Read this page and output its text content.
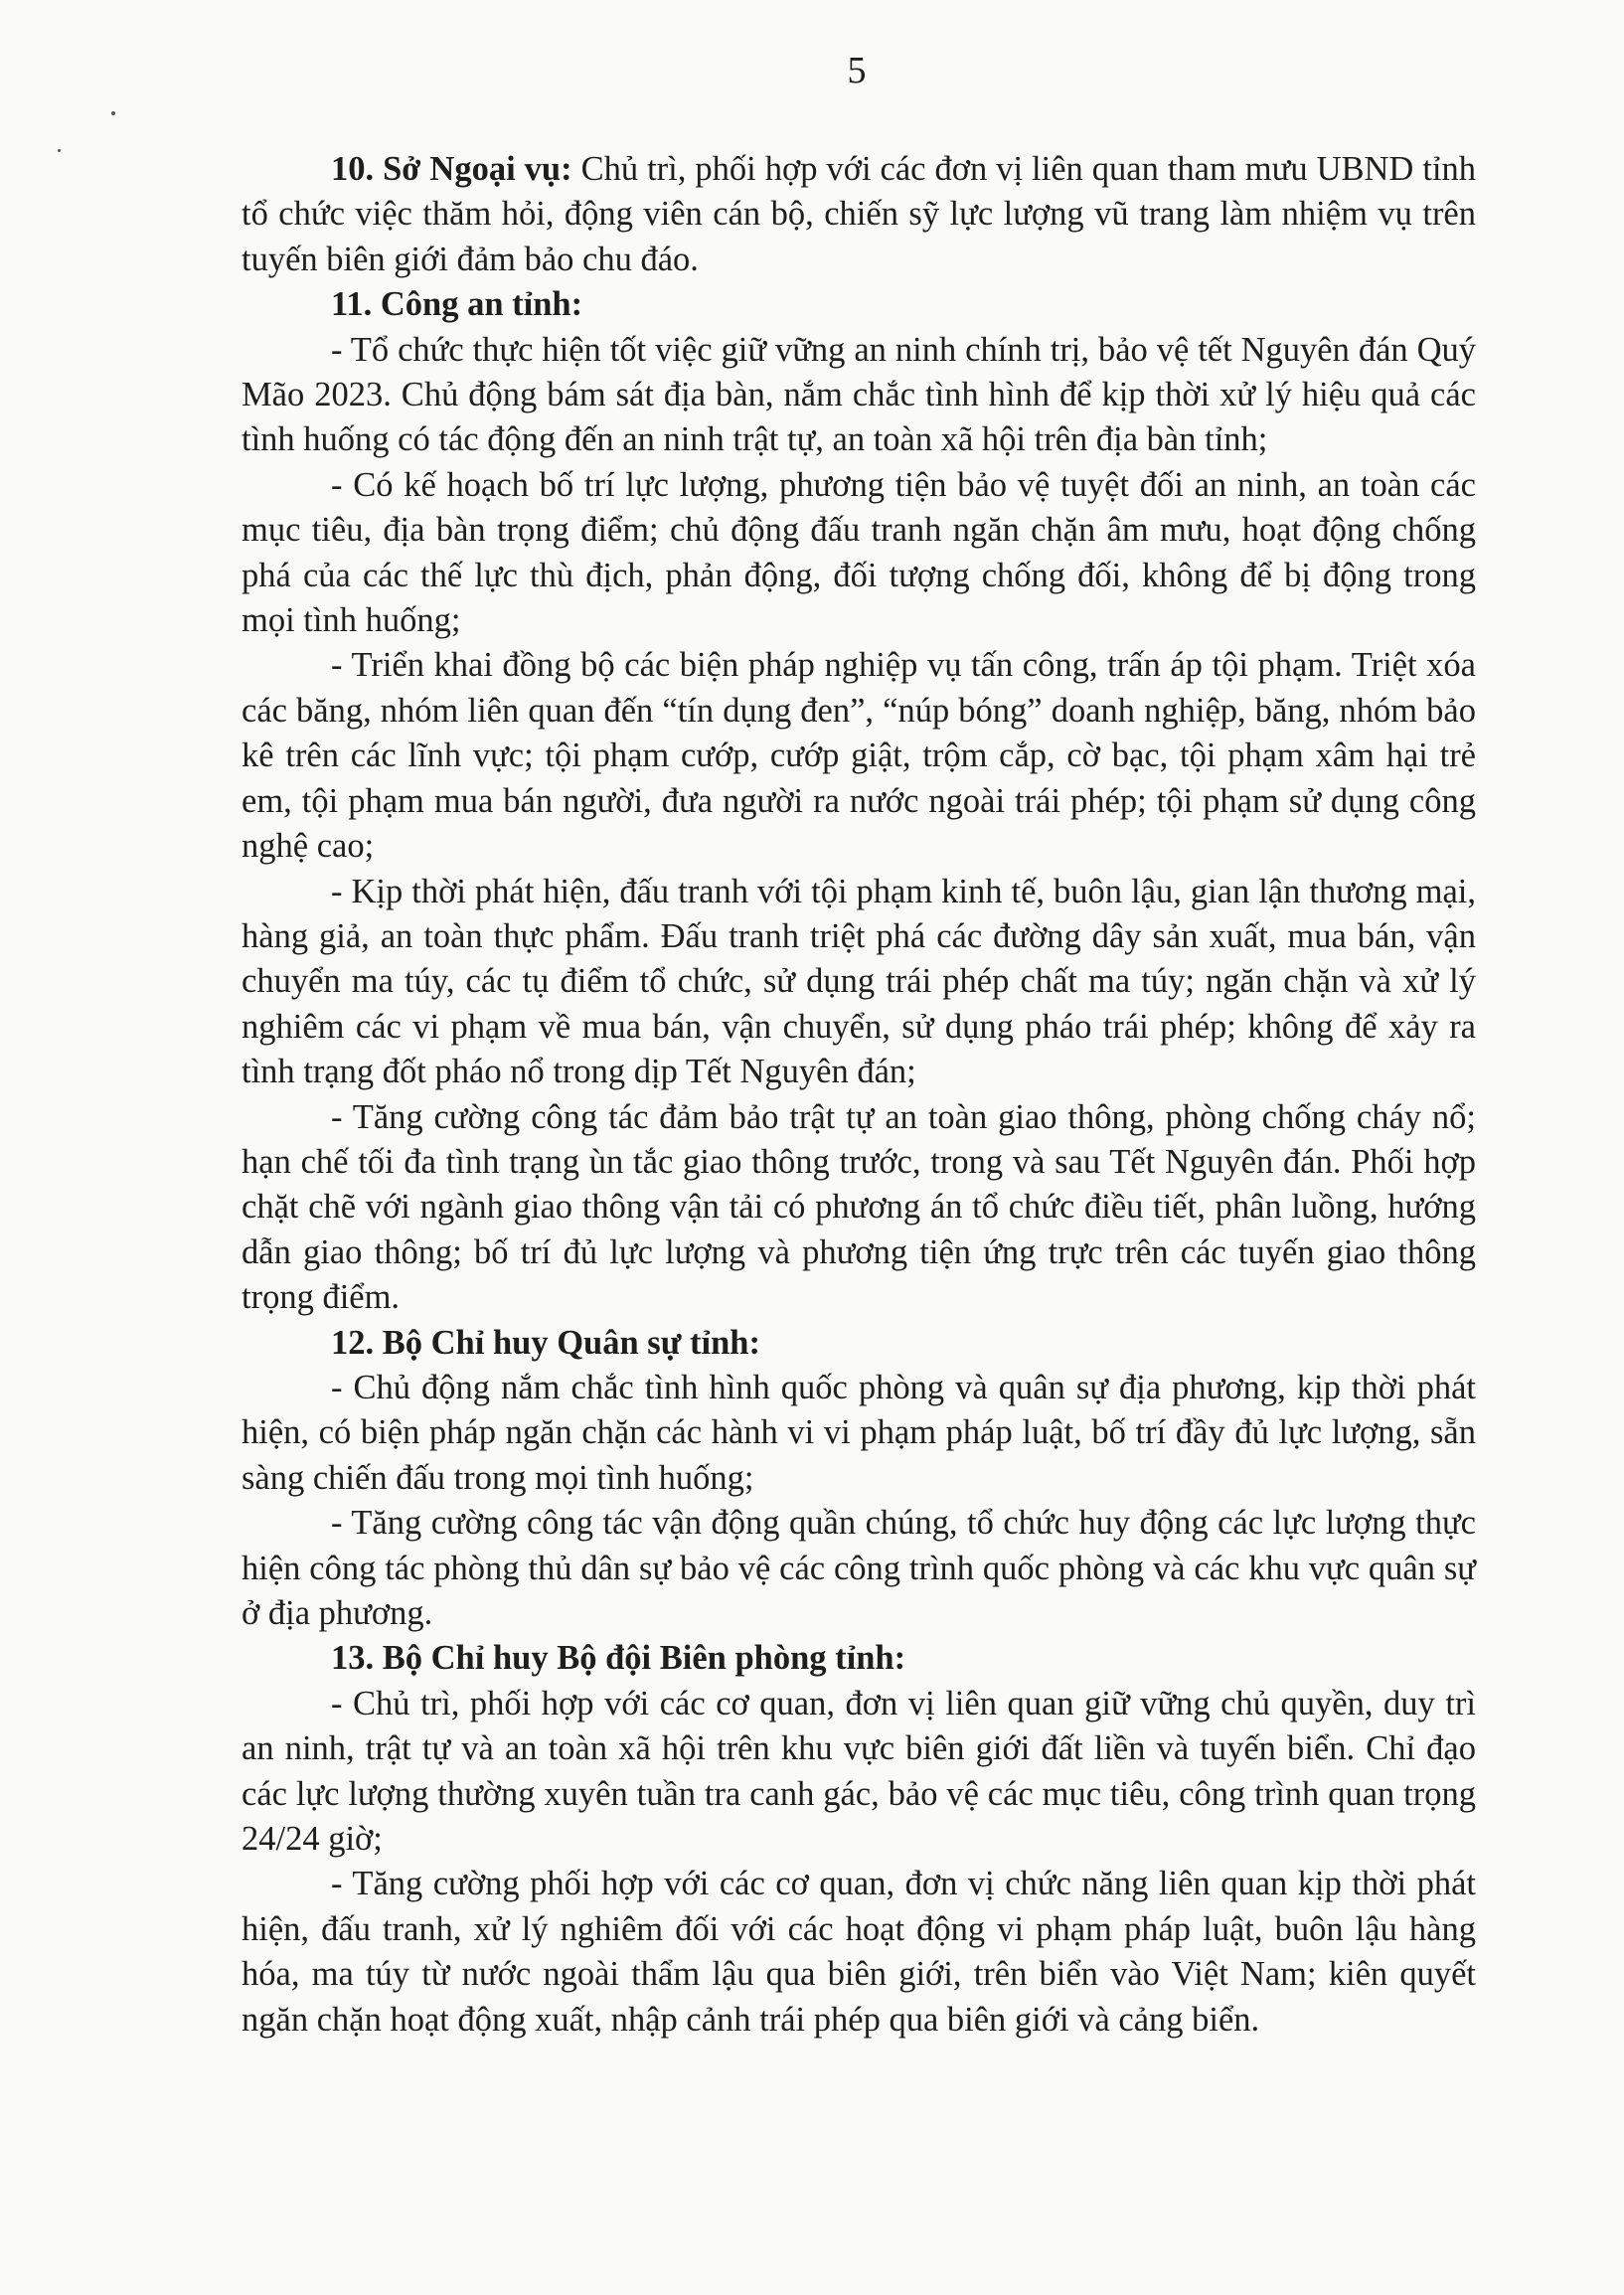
5

10. Sở Ngoại vụ: Chủ trì, phối hợp với các đơn vị liên quan tham mưu UBND tỉnh tổ chức việc thăm hỏi, động viên cán bộ, chiến sỹ lực lượng vũ trang làm nhiệm vụ trên tuyến biên giới đảm bảo chu đáo.

11. Công an tỉnh:

- Tổ chức thực hiện tốt việc giữ vững an ninh chính trị, bảo vệ tết Nguyên đán Quý Mão 2023. Chủ động bám sát địa bàn, nắm chắc tình hình để kịp thời xử lý hiệu quả các tình huống có tác động đến an ninh trật tự, an toàn xã hội trên địa bàn tỉnh;

- Có kế hoạch bố trí lực lượng, phương tiện bảo vệ tuyệt đối an ninh, an toàn các mục tiêu, địa bàn trọng điểm; chủ động đấu tranh ngăn chặn âm mưu, hoạt động chống phá của các thế lực thù địch, phản động, đối tượng chống đối, không để bị động trong mọi tình huống;

- Triển khai đồng bộ các biện pháp nghiệp vụ tấn công, trấn áp tội phạm. Triệt xóa các băng, nhóm liên quan đến “tín dụng đen”, “núp bóng” doanh nghiệp, băng, nhóm bảo kê trên các lĩnh vực; tội phạm cướp, cướp giật, trộm cắp, cờ bạc, tội phạm xâm hại trẻ em, tội phạm mua bán người, đưa người ra nước ngoài trái phép; tội phạm sử dụng công nghệ cao;

- Kịp thời phát hiện, đấu tranh với tội phạm kinh tế, buôn lậu, gian lận thương mại, hàng giả, an toàn thực phẩm. Đấu tranh triệt phá các đường dây sản xuất, mua bán, vận chuyển ma túy, các tụ điểm tổ chức, sử dụng trái phép chất ma túy; ngăn chặn và xử lý nghiêm các vi phạm về mua bán, vận chuyển, sử dụng pháo trái phép; không để xảy ra tình trạng đốt pháo nổ trong dịp Tết Nguyên đán;

- Tăng cường công tác đảm bảo trật tự an toàn giao thông, phòng chống cháy nổ; hạn chế tối đa tình trạng ùn tắc giao thông trước, trong và sau Tết Nguyên đán. Phối hợp chặt chẽ với ngành giao thông vận tải có phương án tổ chức điều tiết, phân luồng, hướng dẫn giao thông; bố trí đủ lực lượng và phương tiện ứng trực trên các tuyến giao thông trọng điểm.

12. Bộ Chỉ huy Quân sự tỉnh:

- Chủ động nắm chắc tình hình quốc phòng và quân sự địa phương, kịp thời phát hiện, có biện pháp ngăn chặn các hành vi vi phạm pháp luật, bố trí đầy đủ lực lượng, sẵn sàng chiến đấu trong mọi tình huống;

- Tăng cường công tác vận động quần chúng, tổ chức huy động các lực lượng thực hiện công tác phòng thủ dân sự bảo vệ các công trình quốc phòng và các khu vực quân sự ở địa phương.

13. Bộ Chỉ huy Bộ đội Biên phòng tỉnh:

- Chủ trì, phối hợp với các cơ quan, đơn vị liên quan giữ vững chủ quyền, duy trì an ninh, trật tự và an toàn xã hội trên khu vực biên giới đất liền và tuyến biển. Chỉ đạo các lực lượng thường xuyên tuần tra canh gác, bảo vệ các mục tiêu, công trình quan trọng 24/24 giờ;

- Tăng cường phối hợp với các cơ quan, đơn vị chức năng liên quan kịp thời phát hiện, đấu tranh, xử lý nghiêm đối với các hoạt động vi phạm pháp luật, buôn lậu hàng hóa, ma túy từ nước ngoài thẩm lậu qua biên giới, trên biển vào Việt Nam; kiên quyết ngăn chặn hoạt động xuất, nhập cảnh trái phép qua biên giới và cảng biển.
